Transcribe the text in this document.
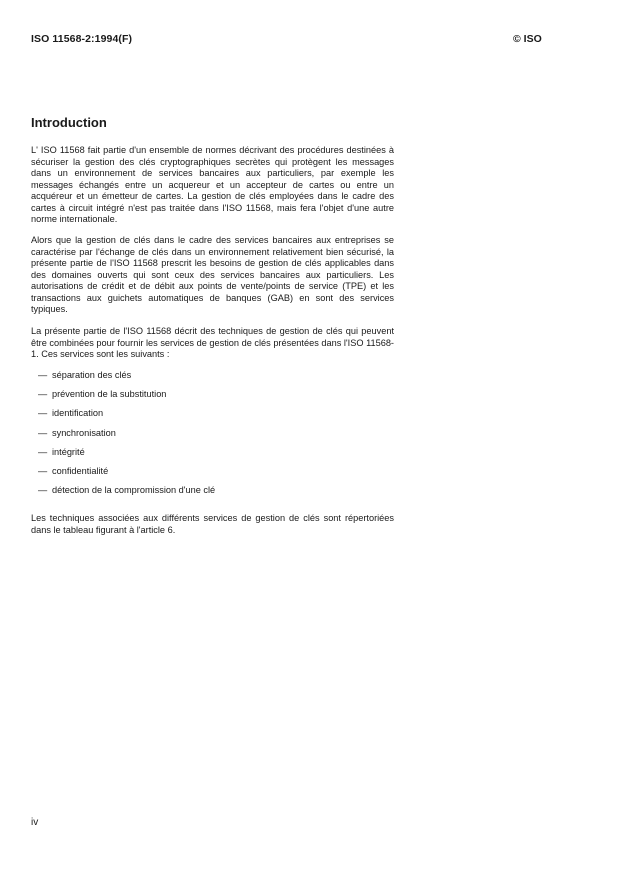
ISO 11568-2:1994(F)	© ISO
Introduction

L' ISO 11568 fait partie d'un ensemble de normes décrivant des procédures destinées à sécuriser la gestion des clés cryptographiques secrètes qui protègent les messages dans un environnement de services bancaires aux particuliers, par exemple les messages échangés entre un acquereur et un accepteur de cartes ou entre un acquéreur et un émetteur de cartes. La gestion de clés employées dans le cadre des cartes à circuit intégré n'est pas traitée dans l'ISO 11568, mais fera l'objet d'une autre norme internationale.

Alors que la gestion de clés dans le cadre des services bancaires aux entreprises se caractérise par l'échange de clés dans un environnement relativement bien sécurisé, la présente partie de l'ISO 11568 prescrit les besoins de gestion de clés applicables dans des domaines ouverts qui sont ceux des services bancaires aux particuliers. Les autorisations de crédit et de débit aux points de vente/points de service (TPE) et les transactions aux guichets automatiques de banques (GAB) en sont des services typiques.

La présente partie de l'ISO 11568 décrit des techniques de gestion de clés qui peuvent être combinées pour fournir les services de gestion de clés présentées dans l'ISO 11568-1. Ces services sont les suivants :

— séparation des clés
— prévention de la substitution
— identification
— synchronisation
— intégrité
— confidentialité
— détection de la compromission d'une clé

Les techniques associées aux différents services de gestion de clés sont répertoriées dans le tableau figurant à l'article 6.

iv
